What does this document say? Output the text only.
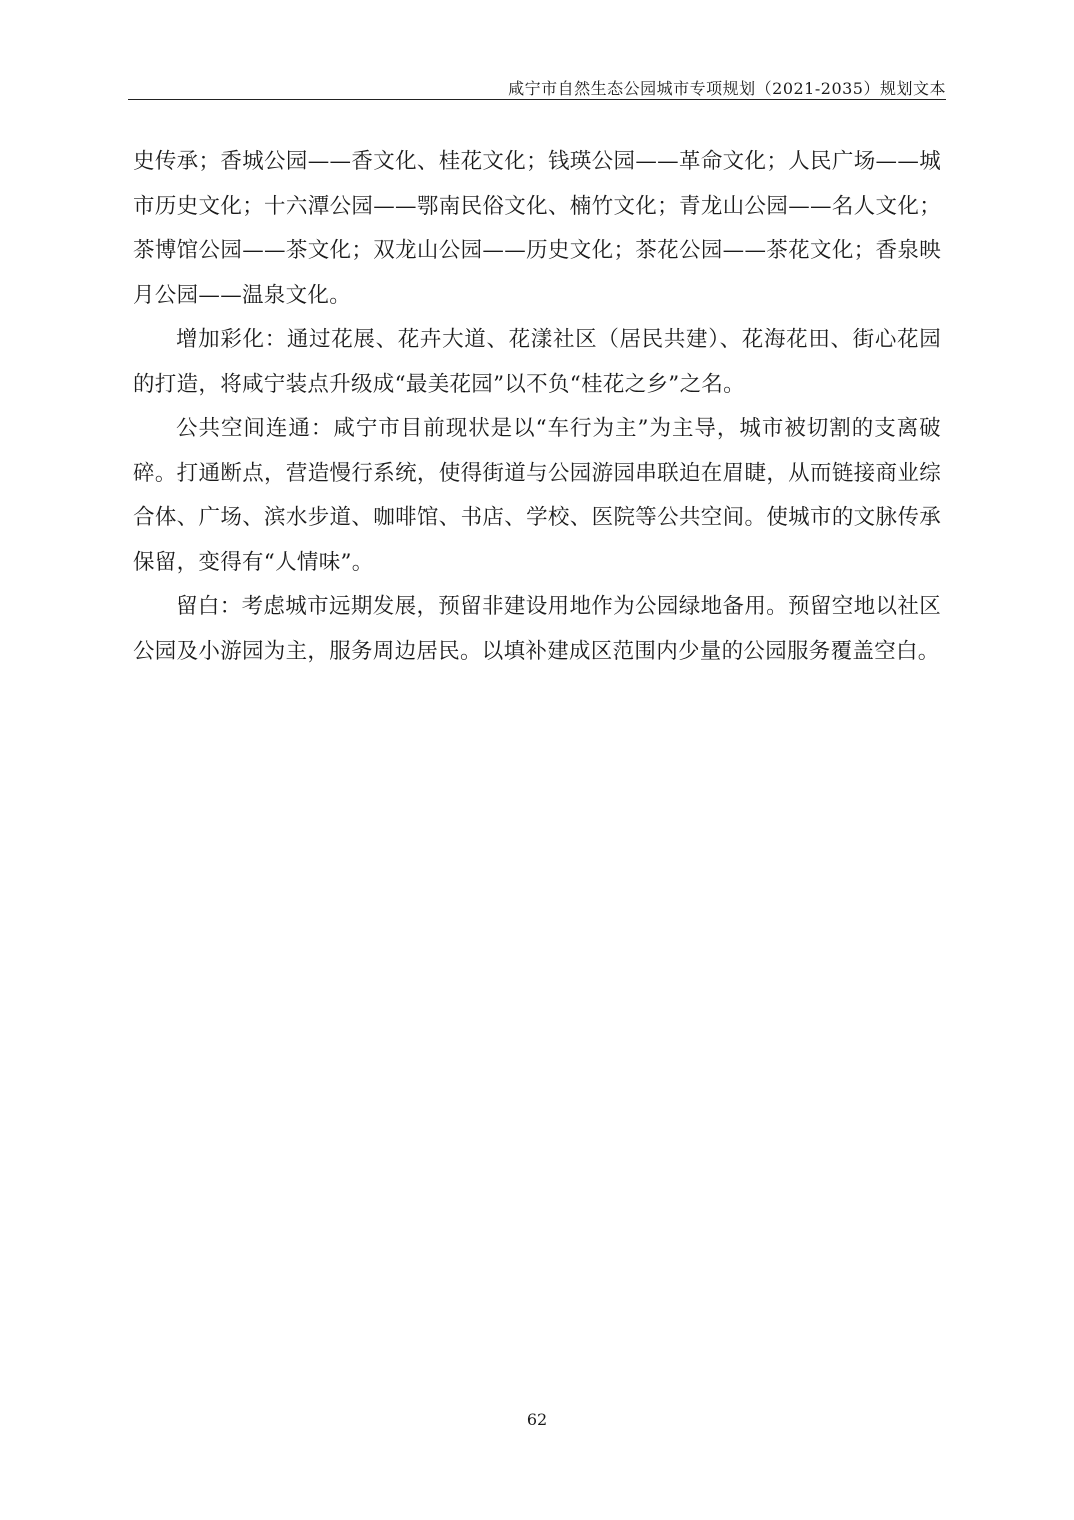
咸宁市自然生态公园城市专项规划（2021-2035）规划文本

史传承；香城公园——香文化、桂花文化；钱瑛公园——革命文化；人民广场——城市历史文化；十六潭公园——鄂南民俗文化、楠竹文化；青龙山公园——名人文化；茶博馆公园——茶文化；双龙山公园——历史文化；茶花公园——茶花文化；香泉映月公园——温泉文化。

增加彩化：通过花展、花卉大道、花漾社区（居民共建）、花海花田、街心花园的打造，将咸宁装点升级成“最美花园”以不负“桂花之乡”之名。

公共空间连通：咸宁市目前现状是以“车行为主”为主导，城市被切割的支离破碎。打通断点，营造慢行系统，使得街道与公园游园串联迫在眉睫，从而链接商业综合体、广场、滨水步道、咖啡馆、书店、学校、医院等公共空间。使城市的文脉传承保留，变得有“人情味”。

留白：考虑城市远期发展，预留非建设用地作为公园绿地备用。预留空地以社区公园及小游园为主，服务周边居民。以填补建成区范围内少量的公园服务覆盖空白。

62
